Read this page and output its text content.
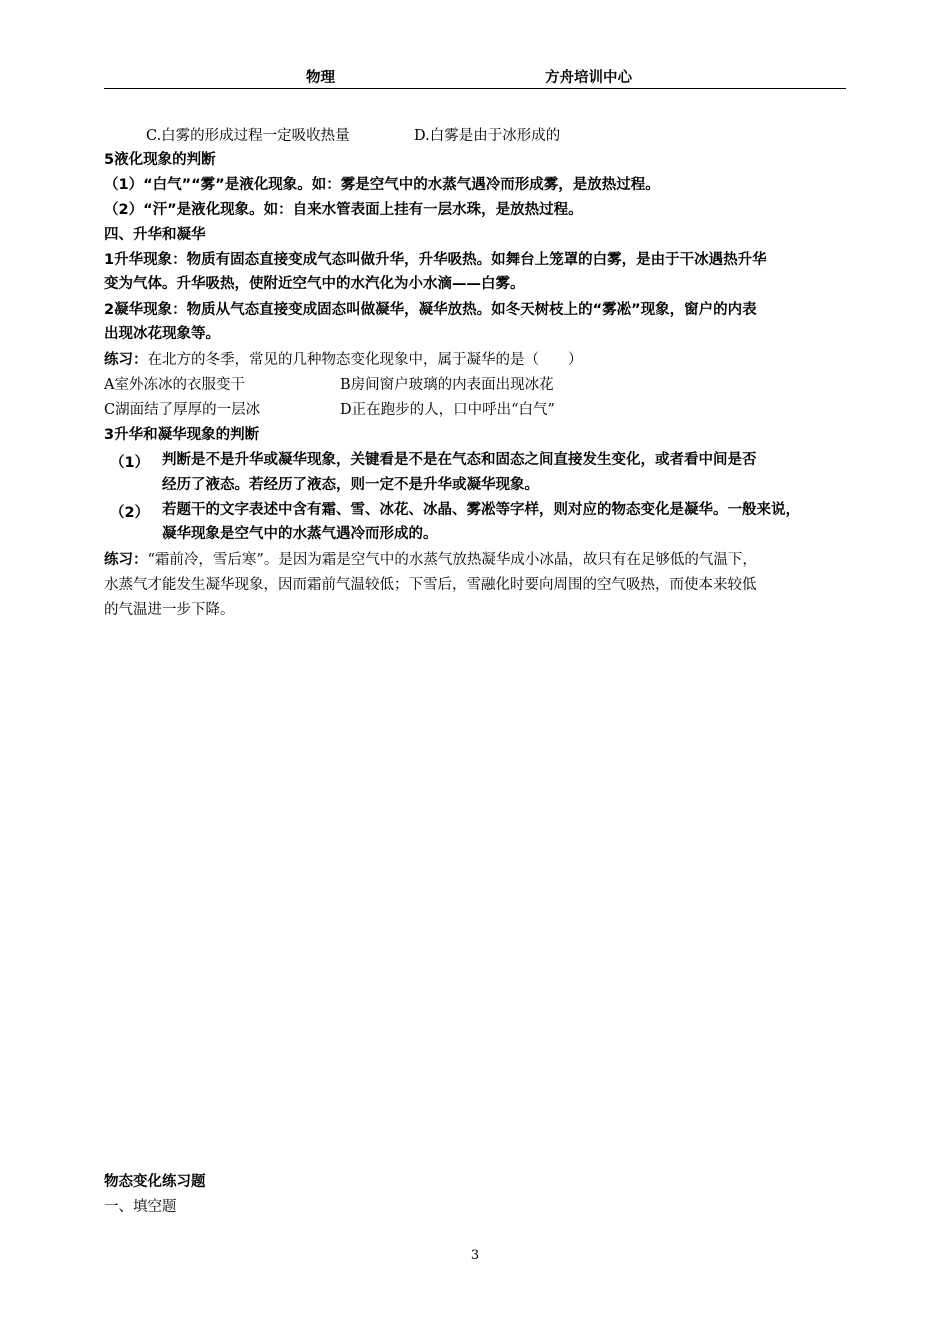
物理	方舟培训中心
C.白雾的形成过程一定吸收热量	D.白雾是由于冰形成的
5液化现象的判断
（1）“白气”“雾”是液化现象。如：雾是空气中的水蒸气遇冷而形成雾，是放热过程。
（2）“汗”是液化现象。如：自来水管表面上挂有一层水珠，是放热过程。
四、升华和凝华
1升华现象：物质有固态直接变成气态叫做升华，升华吸热。如舞台上笼罩的白雾，是由于干冰遇热升华
变为气体。升华吸热，使附近空气中的水汽化为小水滴——白雾。
2凝华现象：物质从气态直接变成固态叫做凝华，凝华放热。如冬天树枝上的“雾凇”现象，窗户的内表
出现冰花现象等。
练习：在北方的冬季，常见的几种物态变化现象中，属于凝华的是（　　）
A室外冻冰的衣服变干	B房间窗户玻璃的内表面出现冰花
C湖面结了厚厚的一层冰	D正在跑步的人，口中呼出“白气”
3升华和凝华现象的判断
（1） 判断是不是升华或凝华现象，关键看是不是在气态和固态之间直接发生变化，或者看中间是否
经历了液态。若经历了液态，则一定不是升华或凝华现象。
（2） 若题干的文字表述中含有霜、雪、冰花、冰晶、雾凇等字样，则对应的物态变化是凝华。一般来说，
凝华现象是空气中的水蒸气遇冷而形成的。
练习：“霜前冷，雪后寒”。是因为霜是空气中的水蒸气放热凝华成小冰晶，故只有在足够低的气温下，
水蒸气才能发生凝华现象，因而霜前气温较低；下雪后，雪融化时要向周围的空气吸热，而使本来较低
的气温进一步下降。
物态变化练习题
一、填空题
3
